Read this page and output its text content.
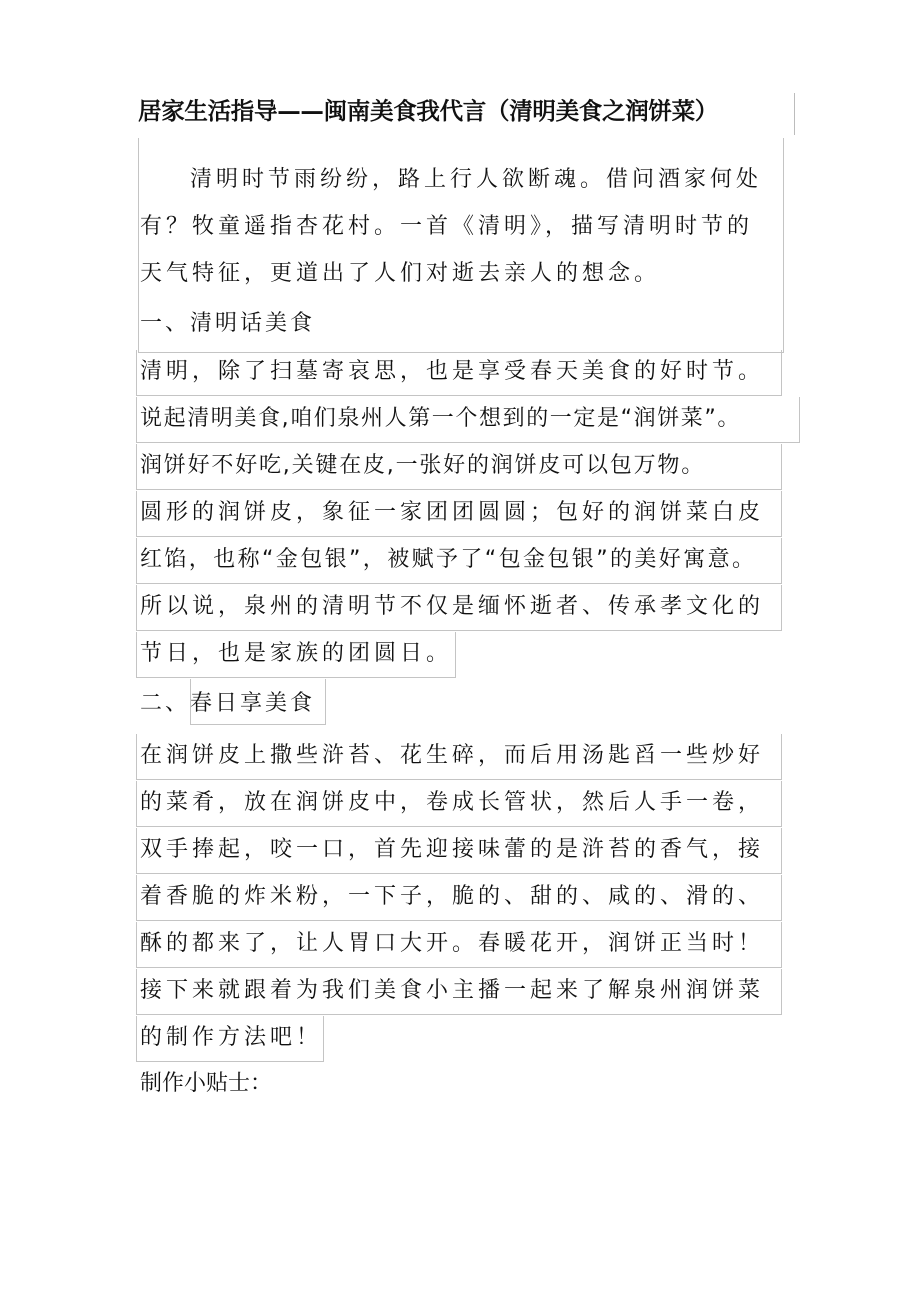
居家生活指导——闽南美食我代言（清明美食之润饼菜）
清明时节雨纷纷，路上行人欲断魂。借问酒家何处
有？牧童遥指杏花村。一首《清明》，描写清明时节的
天气特征，更道出了人们对逝去亲人的想念。
一、清明话美食
清明，除了扫墓寄哀思，也是享受春天美食的好时节。
说起清明美食,咱们泉州人第一个想到的一定是“润饼菜”。
润饼好不好吃,关键在皮,一张好的润饼皮可以包万物。
圆形的润饼皮，象征一家团团圆圆；包好的润饼菜白皮
红馅，也称“金包银”，被赋予了“包金包银”的美好寓意。
所以说，泉州的清明节不仅是缅怀逝者、传承孝文化的
节日，也是家族的团圆日。
二、春日享美食
在润饼皮上撒些浒苔、花生碎，而后用汤匙舀一些炒好
的菜肴，放在润饼皮中，卷成长管状，然后人手一卷，
双手捧起，咬一口，首先迎接味蕾的是浒苔的香气，接
着香脆的炸米粉，一下子，脆的、甜的、咸的、滑的、
酥的都来了，让人胃口大开。春暖花开，润饼正当时！
接下来就跟着为我们美食小主播一起来了解泉州润饼菜
的制作方法吧！
制作小贴士：
